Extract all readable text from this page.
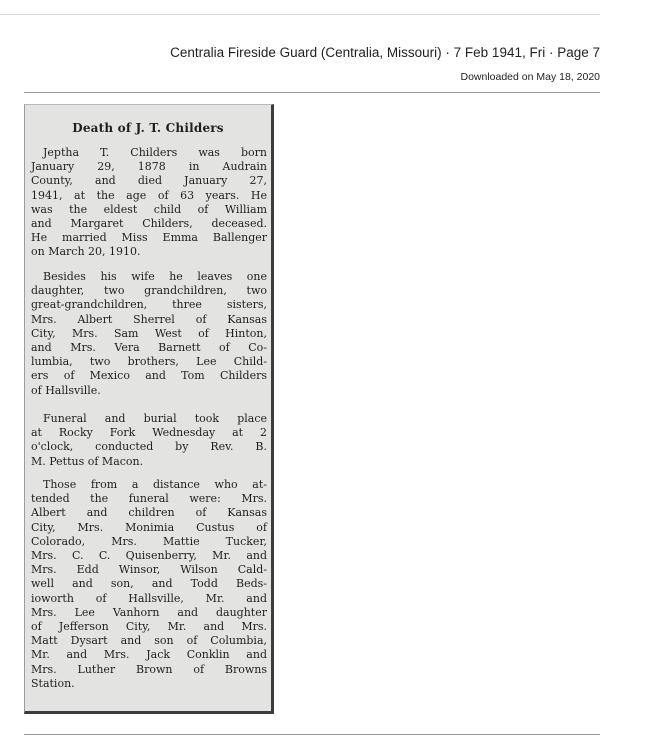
Centralia Fireside Guard (Centralia, Missouri) · 7 Feb 1941, Fri · Page 7
Downloaded on May 18, 2020
Death of J. T. Childers
Jeptha T. Childers was born
January 29, 1878 in Audrain
County, and died January 27,
1941, at the age of 63 years. He
was the eldest child of William
and Margaret Childers, deceased.
He married Miss Emma Ballenger
on March 20, 1910.
Besides his wife he leaves one
daughter, two grandchildren, two
great-grandchildren, three sisters,
Mrs. Albert Sherrel of Kansas
City, Mrs. Sam West of Hinton,
and Mrs. Vera Barnett of Co-
lumbia, two brothers, Lee Child-
ers of Mexico and Tom Childers
of Hallsville.
Funeral and burial took place
at Rocky Fork Wednesday at 2
o'clock, conducted by Rev. B.
M. Pettus of Macon.
Those from a distance who at-
tended the funeral were: Mrs.
Albert and children of Kansas
City, Mrs. Monimia Custus of
Colorado, Mrs. Mattie Tucker,
Mrs. C. C. Quisenberry, Mr. and
Mrs. Edd Winsor, Wilson Cald-
well and son, and Todd Beds-
ioworth of Hallsville, Mr. and
Mrs. Lee Vanhorn and daughter
of Jefferson City, Mr. and Mrs.
Matt Dysart and son of Columbia,
Mr. and Mrs. Jack Conklin and
Mrs. Luther Brown of Browns
Station.
